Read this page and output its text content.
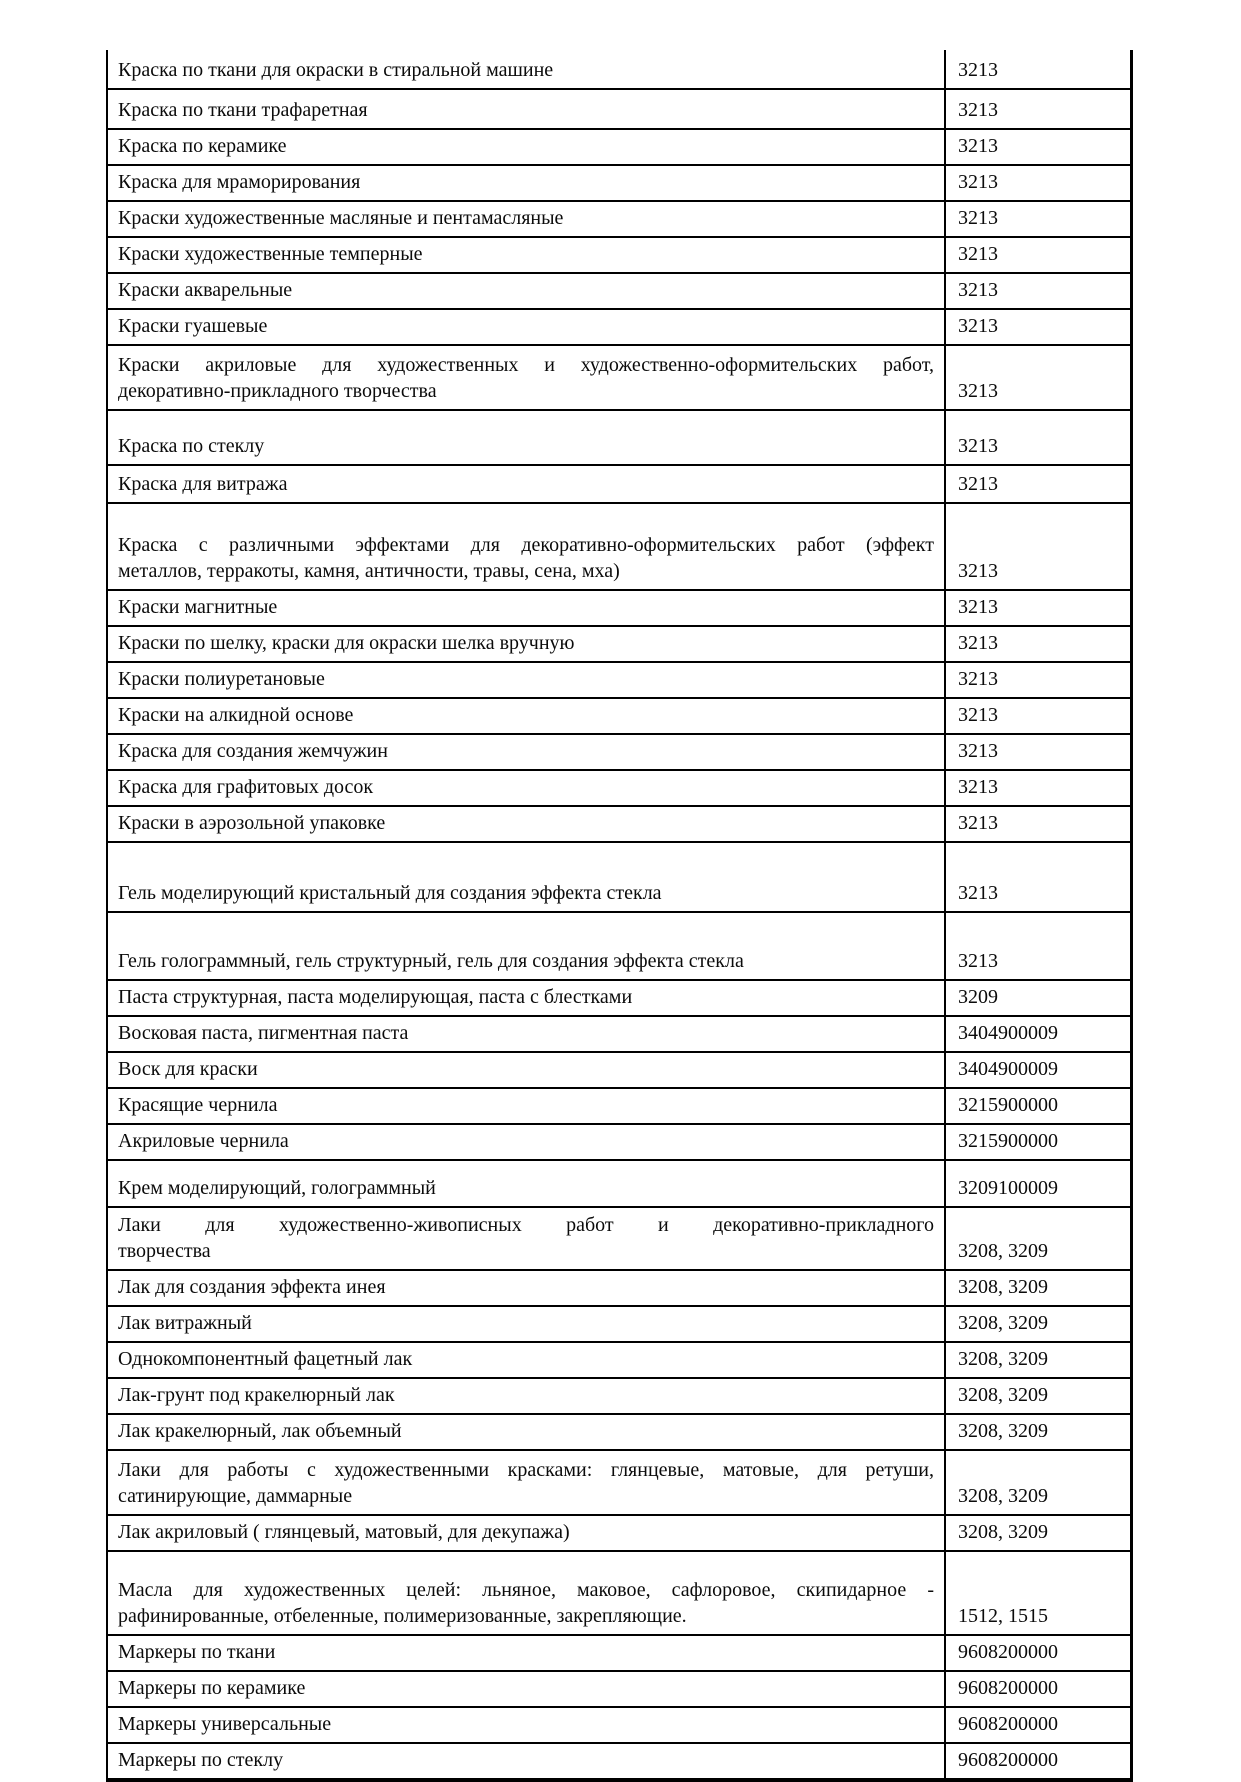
Краска по ткани для окраски в стиральной машине	3213
Краска по ткани трафаретная	3213
Краска по керамике	3213
Краска для мраморирования	3213
Краски художественные масляные и пентамасляные	3213
Краски художественные темперные	3213
Краски акварельные	3213
Краски гуашевые	3213
Краски акриловые для художественных и художественно-оформительских работ,
декоративно-прикладного творчества	3213
Краска по стеклу	3213
Краска для витража	3213
Краска с различными эффектами для декоративно-оформительских работ (эффект
металлов, терракоты, камня, античности, травы, сена, мха)	3213
Краски магнитные	3213
Краски по шелку, краски для окраски шелка вручную	3213
Краски полиуретановые	3213
Краски на алкидной основе	3213
Краска для создания жемчужин	3213
Краска для графитовых досок	3213
Краски в аэрозольной упаковке	3213
Гель моделирующий кристальный для создания эффекта стекла	3213
Гель голограммный, гель структурный, гель для создания эффекта стекла	3213
Паста структурная, паста моделирующая, паста с блестками	3209
Восковая паста, пигментная паста	3404900009
Воск для краски	3404900009
Красящие чернила	3215900000
Акриловые чернила	3215900000
Крем моделирующий, голограммный	3209100009
Лаки для художественно-живописных работ и декоративно-прикладного
творчества	3208, 3209
Лак для создания эффекта инея	3208, 3209
Лак витражный	3208, 3209
Однокомпонентный фацетный лак	3208, 3209
Лак-грунт под кракелюрный лак	3208, 3209
Лак кракелюрный, лак объемный	3208, 3209
Лаки для работы с художественными красками: глянцевые, матовые, для ретуши,
сатинирующие, даммарные	3208, 3209
Лак акриловый ( глянцевый, матовый, для декупажа)	3208, 3209
Масла для художественных целей: льняное, маковое, сафлоровое, скипидарное -
рафинированные, отбеленные, полимеризованные, закрепляющие.	1512, 1515
Маркеры по ткани	9608200000
Маркеры по керамике	9608200000
Маркеры универсальные	9608200000
Маркеры по стеклу	9608200000
